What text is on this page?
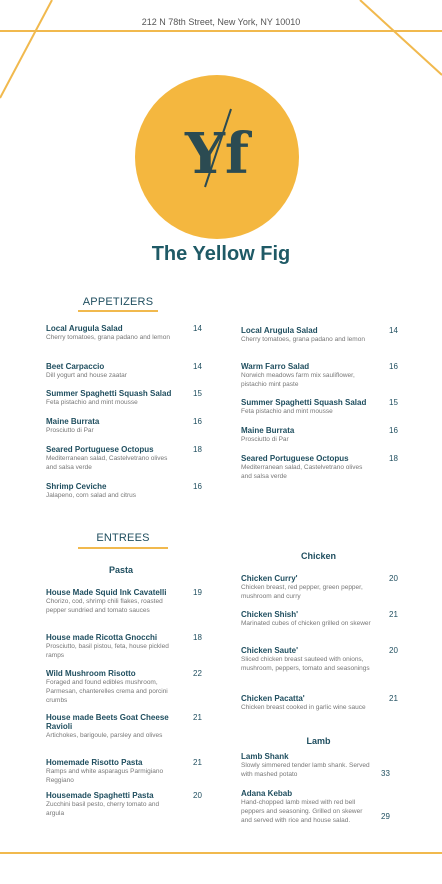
212 N 78th Street, New York, NY 10010
Yf
The Yellow Fig
APPETIZERS
Local Arugula Salad
Cherry tomatoes, grana padano and lemon
14
Beet Carpaccio
Dill yogurt and house zaatar
14
Summer Spaghetti Squash Salad
Feta pistachio and mint mousse
15
Maine Burrata
Prosciutto di Par
16
Seared Portuguese Octopus
Mediterranean salad, Castelvetrano olives and salsa verde
18
Shrimp Ceviche
Jalapeno, corn salad and citrus
16
Local Arugula Salad
Cherry tomatoes, grana padano and lemon
14
Warm Farro Salad
Norwich meadows farm mix sauliflower, pistachio mint paste
16
Summer Spaghetti Squash Salad
Feta pistachio and mint mousse
15
Maine Burrata
Prosciutto di Par
16
Seared Portuguese Octopus
Mediterranean salad, Castelvetrano olives and salsa verde
18
ENTREES
Pasta
Chicken
House Made Squid Ink Cavatelli
Chorizo, cod, shrimp chili flakes, roasted pepper sundried and tomato sauces
19
House made Ricotta Gnocchi
Prosciutto, basil pistou, feta, house pickled ramps
18
Wild Mushroom Risotto
Foraged and found edibles mushroom, Parmesan, chanterelles crema and porcini crumbs
22
House made Beets Goat Cheese Ravioli
Artichokes, barigoule, parsley and olives
21
Homemade Risotto Pasta
Ramps and white asparagus Parmigiano Reggiano
21
Housemade Spaghetti Pasta
Zucchini basil pesto, cherry tomato and argula
20
Chicken Curry'
Chicken breast, red pepper, green pepper, mushroom and curry
20
Chicken Shish'
Marinated cubes of chicken grilled on skewer
21
Chicken Saute'
Sliced chicken breast sauteed with onions, mushroom, peppers, tomato and seasonings
20
Chicken Pacatta'
Chicken breast cooked in garlic wine sauce
21
Lamb
Lamb Shank
Slowly simmered tender lamb shank. Served with mashed potato	33
Adana Kebab
Hand-chopped lamb mixed with red bell peppers and seasoning. Grilled on skewer and served with rice and house salad.	29
